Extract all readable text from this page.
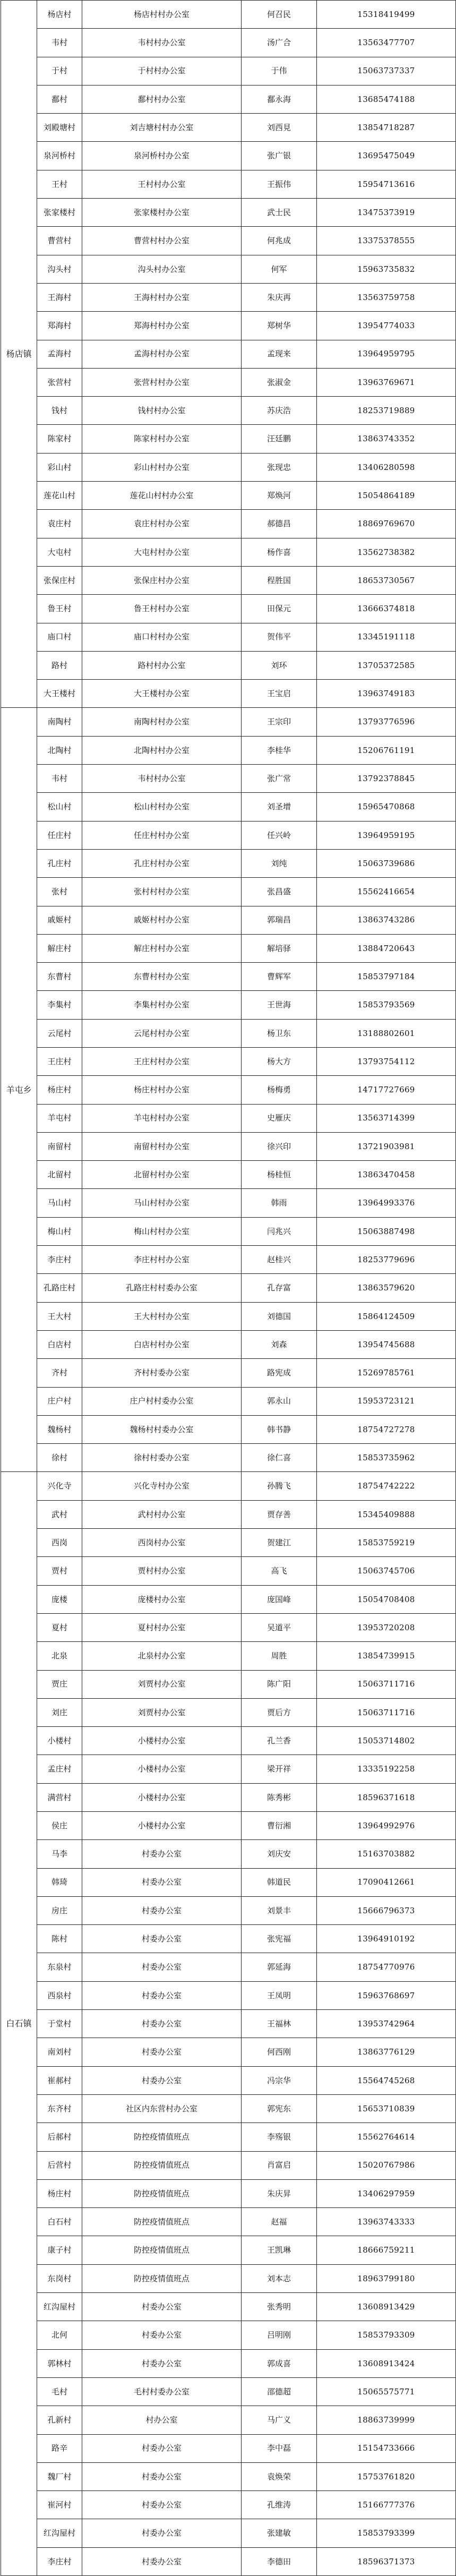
杨店镇	杨店村	杨店村村办公室	何召民	15318419499
	韦村	韦村村办公室	汤广合	13563477707
	于村	于村村办公室	于伟	15063737337
	鄱村	鄱村村办公室	鄱永海	13685474188
	刘殿塘村	刘吉塘村村办公室	刘西見	13854718287
	泉河桥村	泉河桥村办公室	张广银	13695475049
	王村	王村村办公室	王振伟	15954713616
	张家楼村	张家楼村办公室	武士民	13475373919
	曹营村	曹营村村办公室	何兆成	13375378555
	沟头村	沟头村办公室	何军	15963735832
	王海村	王海村村办公室	朱庆再	13563759758
	郑海村	郑海村村办公室	郑树华	13954774033
	孟海村	孟海村村办公室	孟现来	13964959795
	张营村	张营村村办公室	张淑金	13963769671
	钱村	钱村村办公室	苏庆浩	18253719889
	陈家村	陈家村村办公室	汪廷鹏	13863743352
	彩山村	彩山村村办公室	张现忠	13406280598
	莲花山村	莲花山村村办公室	郑焕河	15054864189
	袁庄村	袁庄村村办公室	郝德昌	18869769670
	大屯村	大屯村村办公室	杨作喜	13562738382
	张保庄村	张保庄村办公室	程胜国	18653730567
	鲁王村	鲁王村村办公室	田保元	13666374818
	庙口村	庙口村村办公室	贺伟平	13345191118
	路村	路村村办公室	刘环	13705372585
	大王楼村	大王楼村办公室	王宝启	13963749183
羊屯乡	南陶村	南陶村村办公室	王宗印	13793776596
	北陶村	北陶村村办公室	李桂华	15206761191
	韦村	韦村村办公室	张广常	13792378845
	松山村	松山村村办公室	刘圣增	15965470868
	任庄村	任庄村村办公室	任兴岭	13964959195
	孔庄村	孔庄村村办公室	刘纯	15063739686
	张村	张村村村办公室	张昌盛	15562416654
	戚姬村	戚姬村村办公室	郭瑞昌	13863743286
	解庄村	解庄村村办公室	解培驿	13884720643
	东曹村	东曹村村办公室	曹辉军	15853797184
	李集村	李集村村办公室	王世海	15853793569
	云尾村	云尾村村办公室	杨卫东	13188802601
	王庄村	王庄村村办公室	杨大方	13793754112
	杨庄村	杨庄村村办公室	杨梅勇	14717727669
	羊屯村	羊屯村村办公室	史雁庆	13563714399
	南留村	南留村村办公室	徐兴印	13721903981
	北留村	北留村村办公室	杨桂恒	13863470458
	马山村	马山村村办公室	韩雨	13964993376
	梅山村	梅山村村办公室	闫兆兴	15063887498
	李庄村	李庄村村办公室	赵桂兴	18253779696
	孔路庄村	孔路庄村村委办公室	孔存富	13863579620
	王大村	王大村村办公室	刘德国	15864124509
	白店村	白店村村办公室	刘森	13954745688
	齐村	齐村村委办公室	路宪成	15269785761
	庄户村	庄户村村委办公室	郭永山	15953723121
	魏杨村	魏杨村村委办公室	韩书静	18754727278
	徐村	徐村村委办公室	徐仁喜	15853735962
白石镇	兴化寺	兴化寺村办公室	孙腾飞	18754742222
	武村	武村村办公室	贾存善	15345409888
	西岗	西岗村办公室	贺建江	15853759219
	贾村	贾村村办公室	高飞	15063745706
	庞楼	庞楼村办公室	庞国峰	15054708408
	夏村	夏村村办公室	吴道平	13953720208
	北泉	北泉村办公室	周胜	13854739915
	贾庄	刘贾村办公室	陈广阳	15063711716
	刘庄	刘贾村办公室	贾后方	15063711716
	小楼村	小楼村办公室	孔兰香	15053714802
	孟庄村	小楼村办公室	梁开祥	13335192258
	满营村	小楼村办公室	陈秀彬	18596371618
	侯庄	小楼村办公室	曹衍湘	13964992976
	马李	村委办公室	刘庆安	15163703882
	韩琦	村委办公室	韩道民	17090412661
	房庄	村委办公室	刘景丰	15666796373
	陈村	村委办公室	张宪福	13964910192
	东泉村	村委办公室	郭延海	18754770976
	西泉村	村委办公室	王凤明	15963768697
	于堂村	村委办公室	王福林	13953742964
	南刘村	村委办公室	何西刚	13863776129
	崔郝村	村委办公室	冯宗华	15564745268
	东齐村	社区内东营村办公室	郭宪东	15653710839
	后郝村	防控疫情值班点	李殇银	15562764614
	后营村	防控疫情值班点	肖富启	15020767986
	杨庄村	防控疫情值班点	朱庆昇	13406297959
	白石村	防控疫情值班点	赵福	13963743333
	康子村	防控疫情值班点	王凯琳	18666759211
	东岗村	防控疫情值班点	刘本志	18963799180
	红沟屋村	村委办公室	张秀明	13608913429
	北何	村委办公室	吕明刚	15853793309
	郭林村	村委办公室	郭成喜	13608913424
	毛村	毛村村委办公室	邵德超	15065575771
	孔新村	村办公室	马广义	18863739999
	路辛	村委办公室	李中磊	15154733666
	魏厂村	村委办公室	袁焕荣	15753761820
	崔河村	村委办公室	孔维涛	15166777376
	红沟屋村	村委办公室	张建敏	15853793399
	李庄村	村委办公室	李德田	18596371373
